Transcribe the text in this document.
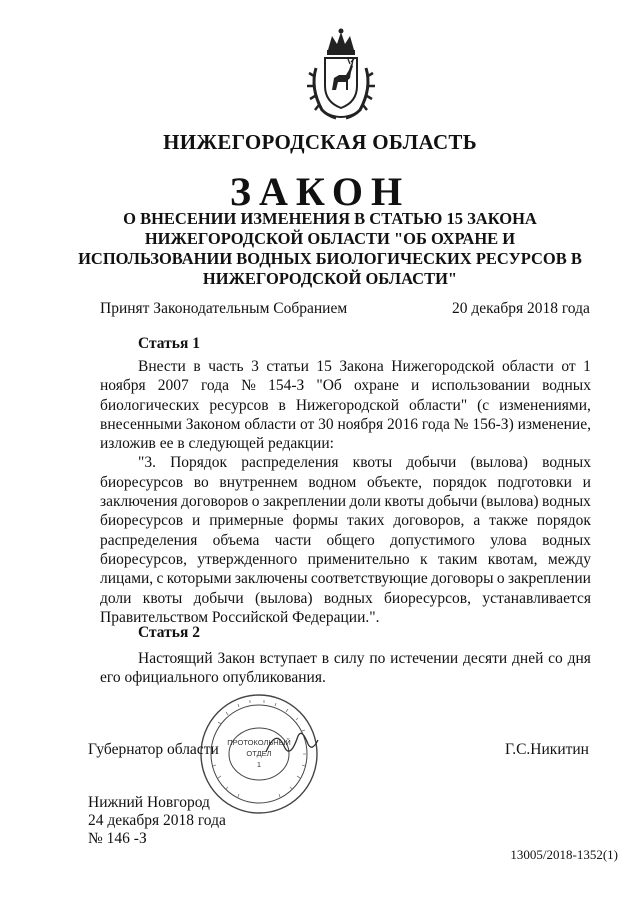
НИЖЕГОРОДСКАЯ ОБЛАСТЬ
ЗАКОН
О ВНЕСЕНИИ ИЗМЕНЕНИЯ В СТАТЬЮ 15 ЗАКОНА
НИЖЕГОРОДСКОЙ ОБЛАСТИ "ОБ ОХРАНЕ И
ИСПОЛЬЗОВАНИИ ВОДНЫХ БИОЛОГИЧЕСКИХ РЕСУРСОВ В
НИЖЕГОРОДСКОЙ ОБЛАСТИ"
Принят Законодательным Собранием	20 декабря 2018 года
Статья 1
Внести в часть 3 статьи 15 Закона Нижегородской области от 1
ноября 2007 года № 154-З "Об охране и использовании водных
биологических ресурсов в Нижегородской области" (с изменениями,
внесенными Законом области от 30 ноября 2016 года № 156-З) изменение,
изложив ее в следующей редакции:
"3. Порядок распределения квоты добычи (вылова) водных
биоресурсов во внутреннем водном объекте, порядок подготовки и
заключения договоров о закреплении доли квоты добычи (вылова) водных
биоресурсов и примерные формы таких договоров, а также порядок
распределения объема части общего допустимого улова водных
биоресурсов, утвержденного применительно к таким квотам, между
лицами, с которыми заключены соответствующие договоры о закреплении
доли квоты добычи (вылова) водных биоресурсов, устанавливается
Правительством Российской Федерации.".
Статья 2
Настоящий Закон вступает в силу по истечении десяти дней со дня
его официального опубликования.
ПРОТОКОЛЬНЫЙ
ОТДЕЛ
1
Губернатор области	Г.С.Никитин
Нижний Новгород
24 декабря 2018 года
№ 146 -З
13005/2018-1352(1)
